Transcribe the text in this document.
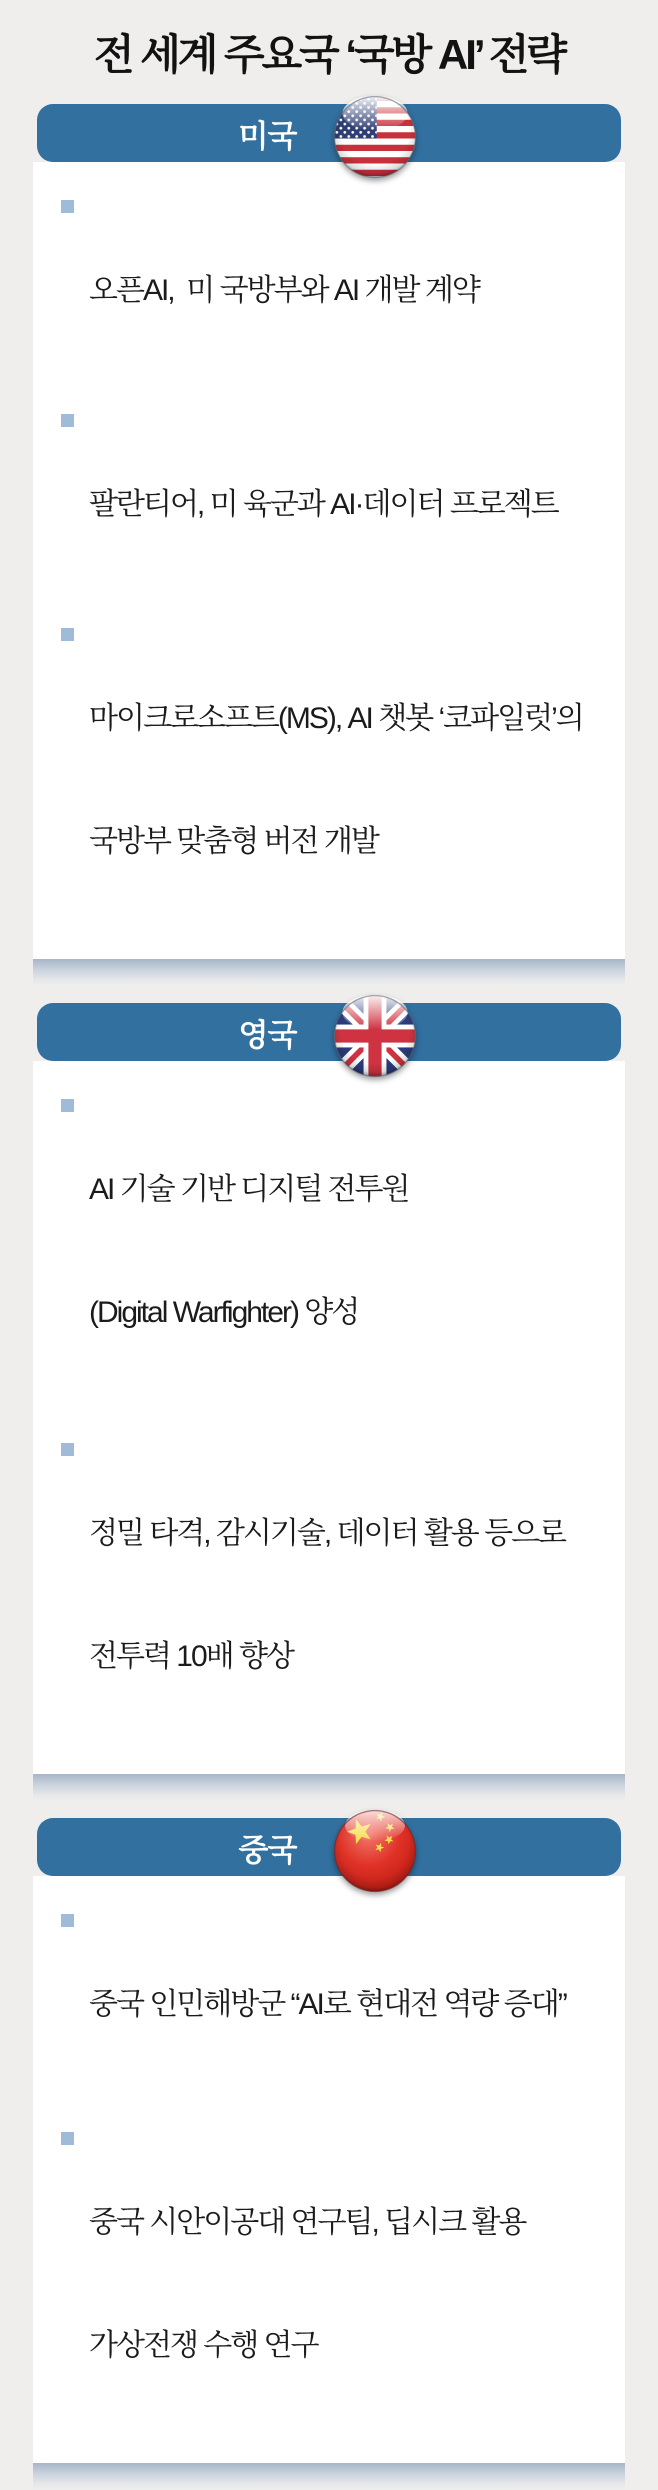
전 세계 주요국 ‘국방 AI’ 전략
미국

오픈AI,  미 국방부와 AI 개발 계약

팔란티어, 미 육군과 AI·데이터 프로젝트

마이크로소프트(MS), AI 챗봇 ‘코파일럿’의

국방부 맞춤형 버전 개발

영국

AI 기술 기반 디지털 전투원

(Digital Warfighter) 양성

정밀 타격, 감시기술, 데이터 활용 등으로

전투력 10배 향상

중국

중국 인민해방군 “AI로 현대전 역량 증대”

중국 시안이공대 연구팀, 딥시크 활용

가상전쟁 수행 연구
